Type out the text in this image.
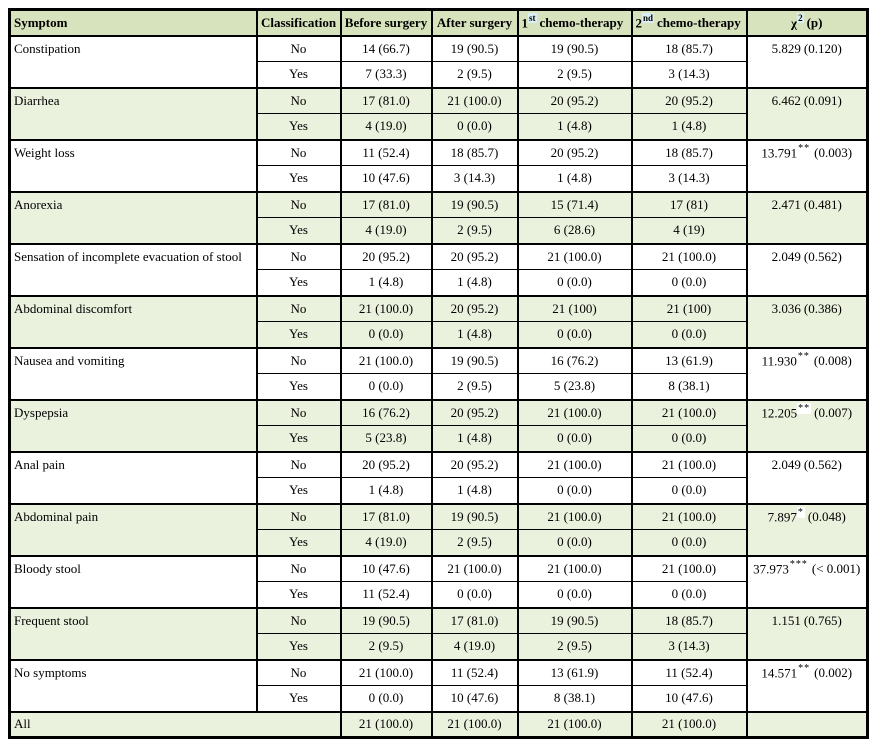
Symptom	Classification	Before surgery	After surgery	1st chemo-therapy	2nd chemo-therapy	$\chi^2$ (p)
Constipation	No	14 (66.7)	19 (90.5)	19 (90.5)	18 (85.7)	5.829 (0.120)
	Yes	7 (33.3)	2 (9.5)	2 (9.5)	3 (14.3)	
Diarrhea	No	17 (81.0)	21 (100.0)	20 (95.2)	20 (95.2)	6.462 (0.091)
	Yes	4 (19.0)	0 (0.0)	1 (4.8)	1 (4.8)	
Weight loss	No	11 (52.4)	18 (85.7)	20 (95.2)	18 (85.7)	13.791** (0.003)
	Yes	10 (47.6)	3 (14.3)	1 (4.8)	3 (14.3)	
Anorexia	No	17 (81.0)	19 (90.5)	15 (71.4)	17 (81)	2.471 (0.481)
	Yes	4 (19.0)	2 (9.5)	6 (28.6)	4 (19)	
Sensation of incomplete evacuation of stool	No	20 (95.2)	20 (95.2)	21 (100.0)	21 (100.0)	2.049 (0.562)
	Yes	1 (4.8)	1 (4.8)	0 (0.0)	0 (0.0)	
Abdominal discomfort	No	21 (100.0)	20 (95.2)	21 (100)	21 (100)	3.036 (0.386)
	Yes	0 (0.0)	1 (4.8)	0 (0.0)	0 (0.0)	
Nausea and vomiting	No	21 (100.0)	19 (90.5)	16 (76.2)	13 (61.9)	11.930** (0.008)
	Yes	0 (0.0)	2 (9.5)	5 (23.8)	8 (38.1)	
Dyspepsia	No	16 (76.2)	20 (95.2)	21 (100.0)	21 (100.0)	12.205** (0.007)
	Yes	5 (23.8)	1 (4.8)	0 (0.0)	0 (0.0)	
Anal pain	No	20 (95.2)	20 (95.2)	21 (100.0)	21 (100.0)	2.049 (0.562)
	Yes	1 (4.8)	1 (4.8)	0 (0.0)	0 (0.0)	
Abdominal pain	No	17 (81.0)	19 (90.5)	21 (100.0)	21 (100.0)	7.897* (0.048)
	Yes	4 (19.0)	2 (9.5)	0 (0.0)	0 (0.0)	
Bloody stool	No	10 (47.6)	21 (100.0)	21 (100.0)	21 (100.0)	37.973*** (< 0.001)
	Yes	11 (52.4)	0 (0.0)	0 (0.0)	0 (0.0)	
Frequent stool	No	19 (90.5)	17 (81.0)	19 (90.5)	18 (85.7)	1.151 (0.765)
	Yes	2 (9.5)	4 (19.0)	2 (9.5)	3 (14.3)	
No symptoms	No	21 (100.0)	11 (52.4)	13 (61.9)	11 (52.4)	14.571** (0.002)
	Yes	0 (0.0)	10 (47.6)	8 (38.1)	10 (47.6)	
All		21 (100.0)	21 (100.0)	21 (100.0)	21 (100.0)	
